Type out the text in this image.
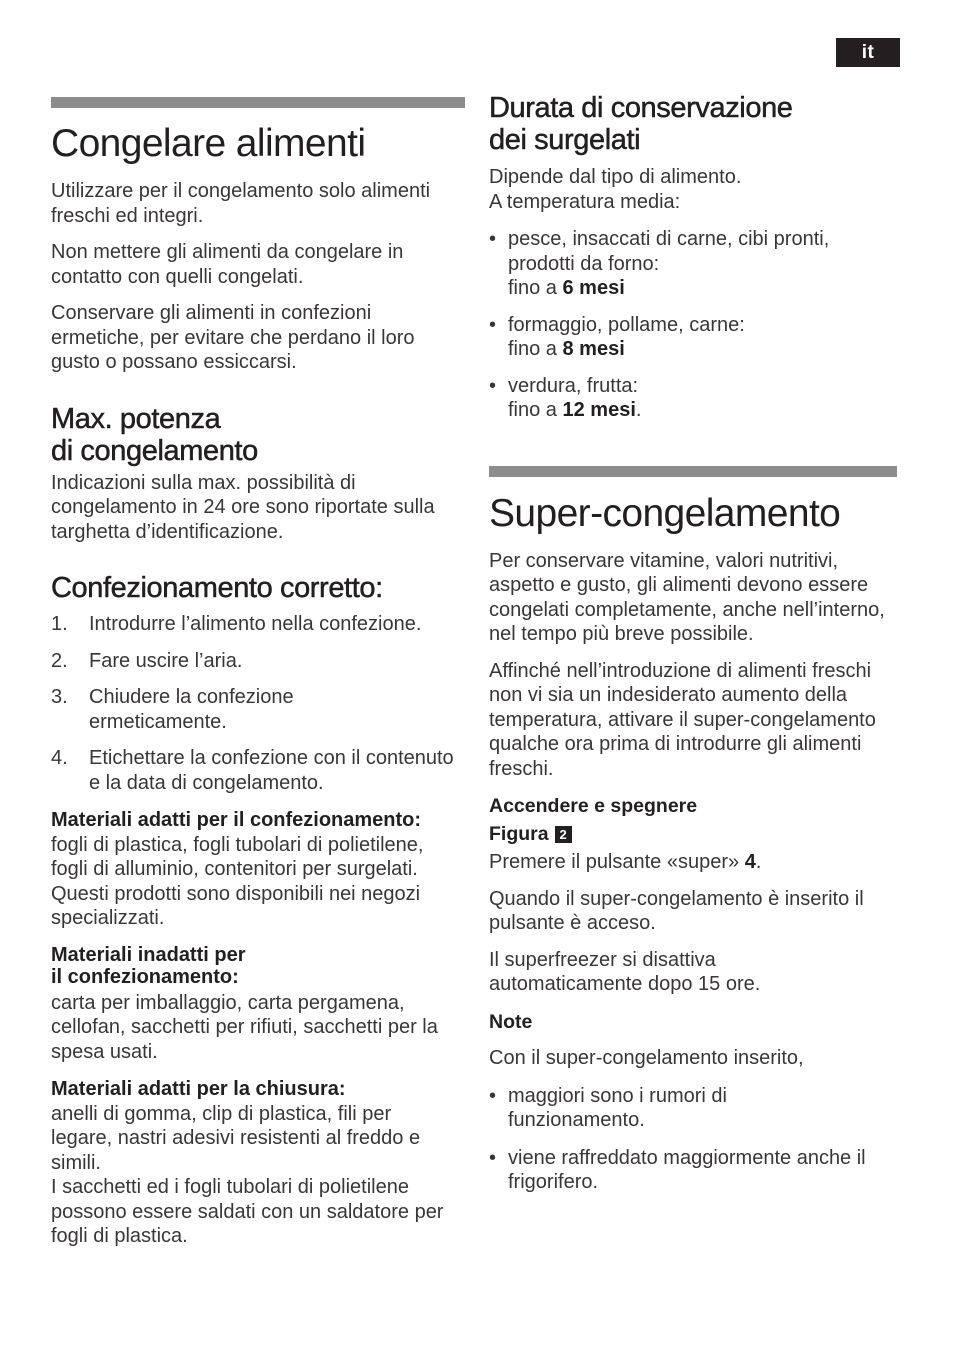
it
Congelare alimenti

Utilizzare per il congelamento solo alimenti freschi ed integri.

Non mettere gli alimenti da congelare in contatto con quelli congelati.

Conservare gli alimenti in confezioni ermetiche, per evitare che perdano il loro gusto o possano essiccarsi.

Max. potenza
di congelamento

Indicazioni sulla max. possibilità di congelamento in 24 ore sono riportate sulla targhetta d’identificazione.

Confezionamento corretto:
1. Introdurre l’alimento nella confezione.
2. Fare uscire l’aria.
3. Chiudere la confezione ermeticamente.
4. Etichettare la confezione con il contenuto e la data di congelamento.

Materiali adatti per il confezionamento:

fogli di plastica, fogli tubolari di polietilene, fogli di alluminio, contenitori per surgelati. Questi prodotti sono disponibili nei negozi specializzati.

Materiali inadatti per
il confezionamento:

carta per imballaggio, carta pergamena, cellofan, sacchetti per rifiuti, sacchetti per la spesa usati.

Materiali adatti per la chiusura:

anelli di gomma, clip di plastica, fili per legare, nastri adesivi resistenti al freddo e simili.

I sacchetti ed i fogli tubolari di polietilene possono essere saldati con un saldatore per fogli di plastica.

Durata di conservazione
dei surgelati

Dipende dal tipo di alimento.
A temperatura media:

• pesce, insaccati di carne, cibi pronti, prodotti da forno:
fino a 6 mesi
• formaggio, pollame, carne:
fino a 8 mesi
• verdura, frutta:
fino a 12 mesi.
Super-congelamento

Per conservare vitamine, valori nutritivi, aspetto e gusto, gli alimenti devono essere congelati completamente, anche nell’interno, nel tempo più breve possibile.

Affinché nell’introduzione di alimenti freschi non vi sia un indesiderato aumento della temperatura, attivare il super-congelamento qualche ora prima di introdurre gli alimenti freschi.

Accendere e spegnere

Figura 2

Premere il pulsante «super» 4.

Quando il super-congelamento è inserito il pulsante è acceso.

Il superfreezer si disattiva automaticamente dopo 15 ore.

Note

Con il super-congelamento inserito,

• maggiori sono i rumori di funzionamento.
• viene raffreddato maggiormente anche il frigorifero.
